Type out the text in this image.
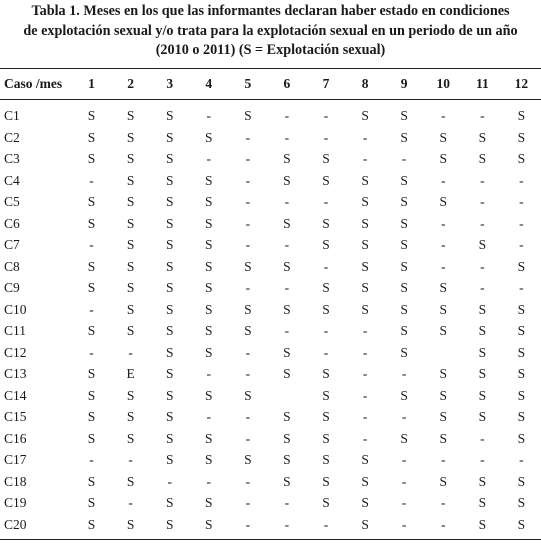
Tabla 1. Meses en los que las informantes declaran haber estado en condiciones
de explotación sexual y/o trata para la explotación sexual en un periodo de un año
(2010 o 2011) (S = Explotación sexual)
Caso /mes	1	2	3	4	5	6	7	8	9	10	11	12
C1	S	S	S	-	S	-	-	S	S	-	-	S
C2	S	S	S	S	-	-	-	-	S	S	S	S
C3	S	S	S	-	-	S	S	-	-	S	S	S
C4	-	S	S	S	-	S	S	S	S	-	-	-
C5	S	S	S	S	-	-	-	S	S	S	-	-
C6	S	S	S	S	-	S	S	S	S	-	-	-
C7	-	S	S	S	-	-	S	S	S	-	S	-
C8	S	S	S	S	S	S	-	S	S	-	-	S
C9	S	S	S	S	-	-	S	S	S	S	-	-
C10	-	S	S	S	S	S	S	S	S	S	S	S
C11	S	S	S	S	S	-	-	-	S	S	S	S
C12	-	-	S	S	-	S	-	-	S		S	S
C13	S	E	S	-	-	S	S	-	-	S	S	S
C14	S	S	S	S	S		S	-	S	S	S	S
C15	S	S	S	-	-	S	S	-	-	S	S	S
C16	S	S	S	S	-	S	S	-	S	S	-	S
C17	-	-	S	S	S	S	S	S	-	-	-	-
C18	S	S	-	-	-	S	S	S	-	S	S	S
C19	S	-	S	S	-	-	S	S	-	-	S	S
C20	S	S	S	S	-	-	-	S	-	-	S	S
